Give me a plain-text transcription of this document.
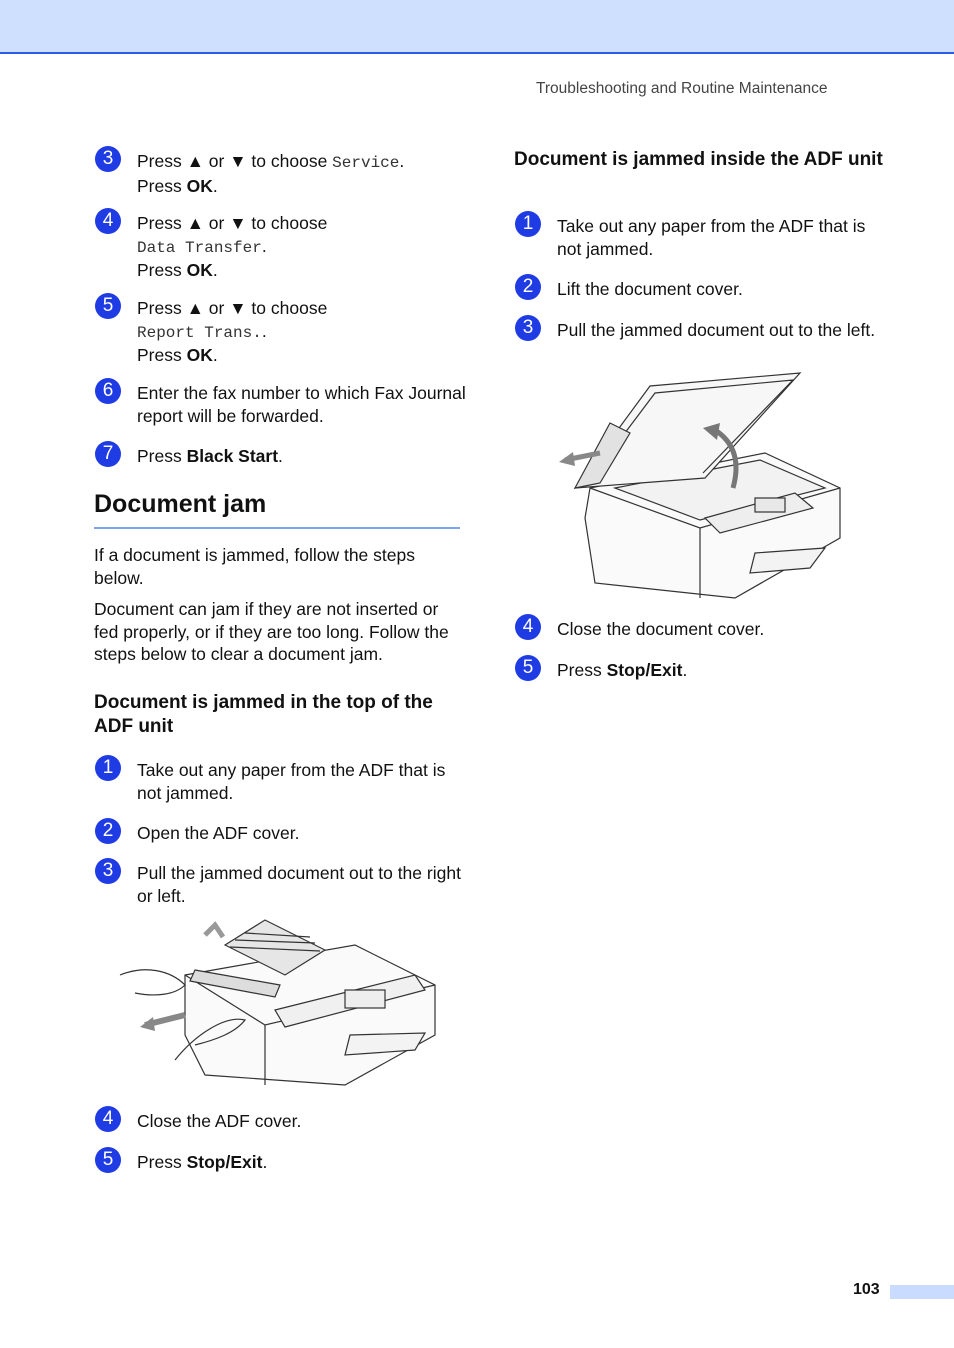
Troubleshooting and Routine Maintenance
3	Press ▲ or ▼ to choose Service.
Press OK.
4	Press ▲ or ▼ to choose
Data Transfer.
Press OK.
5	Press ▲ or ▼ to choose
Report Trans..
Press OK.
6	Enter the fax number to which Fax Journal report will be forwarded.
7	Press Black Start.
Document jam
If a document is jammed, follow the steps below.
Document can jam if they are not inserted or fed properly, or if they are too long. Follow the steps below to clear a document jam.
Document is jammed in the top of the ADF unit
1	Take out any paper from the ADF that is not jammed.
2	Open the ADF cover.
3	Pull the jammed document out to the right or left.
4	Close the ADF cover.
5	Press Stop/Exit.
Document is jammed inside the ADF unit
1	Take out any paper from the ADF that is not jammed.
2	Lift the document cover.
3	Pull the jammed document out to the left.
4	Close the document cover.
5	Press Stop/Exit.
103
